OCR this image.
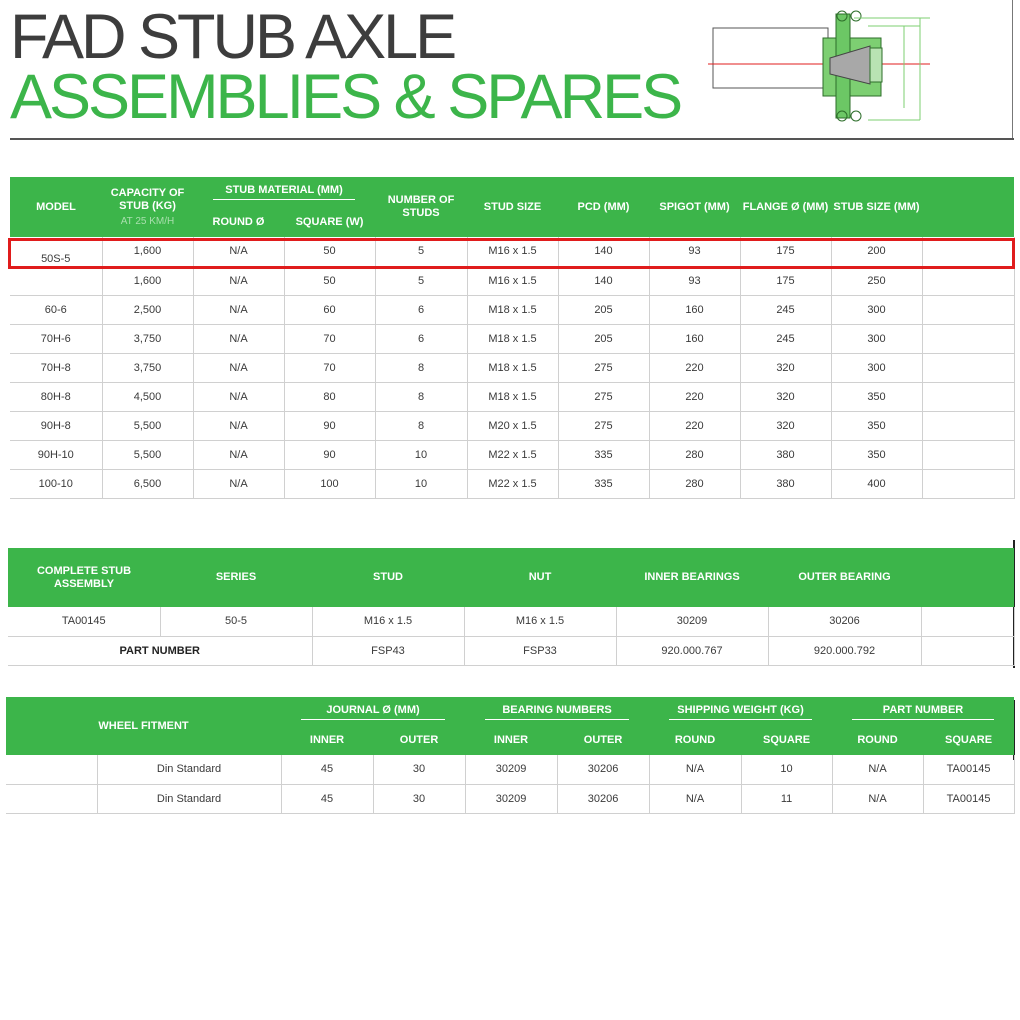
FAD STUB AXLE
ASSEMBLIES & SPARES
MODEL	CAPACITY OF STUB (KG)
AT 25 KM/H	STUB MATERIAL (MM)		NUMBER OF STUDS	STUD SIZE	PCD (MM)	SPIGOT (MM)	FLANGE Ø (MM)	STUB SIZE (MM)	
		ROUND Ø	SQUARE (W)							
50S-5	1,600	N/A	50	5	M16 x 1.5	140	93	175	200	
	1,600	N/A	50	5	M16 x 1.5	140	93	175	250	
60-6	2,500	N/A	60	6	M18 x 1.5	205	160	245	300	
70H-6	3,750	N/A	70	6	M18 x 1.5	205	160	245	300	
70H-8	3,750	N/A	70	8	M18 x 1.5	275	220	320	300	
80H-8	4,500	N/A	80	8	M18 x 1.5	275	220	320	350	
90H-8	5,500	N/A	90	8	M20 x 1.5	275	220	320	350	
90H-10	5,500	N/A	90	10	M22 x 1.5	335	280	380	350	
100-10	6,500	N/A	100	10	M22 x 1.5	335	280	380	400	
COMPLETE STUB ASSEMBLY	SERIES	STUD	NUT	INNER BEARINGS	OUTER BEARING	
TA00145	50-5	M16 x 1.5	M16 x 1.5	30209	30206	
PART NUMBER		FSP43	FSP33	920.000.767	920.000.792	
WHEEL FITMENT		JOURNAL Ø (MM)		BEARING NUMBERS		SHIPPING WEIGHT (KG)		PART NUMBER	

		INNER	OUTER	INNER	OUTER	ROUND	SQUARE	ROUND	SQUARE
	Din Standard	45	30	30209	30206	N/A	10	N/A	TA00145
	Din Standard	45	30	30209	30206	N/A	11	N/A	TA00145
